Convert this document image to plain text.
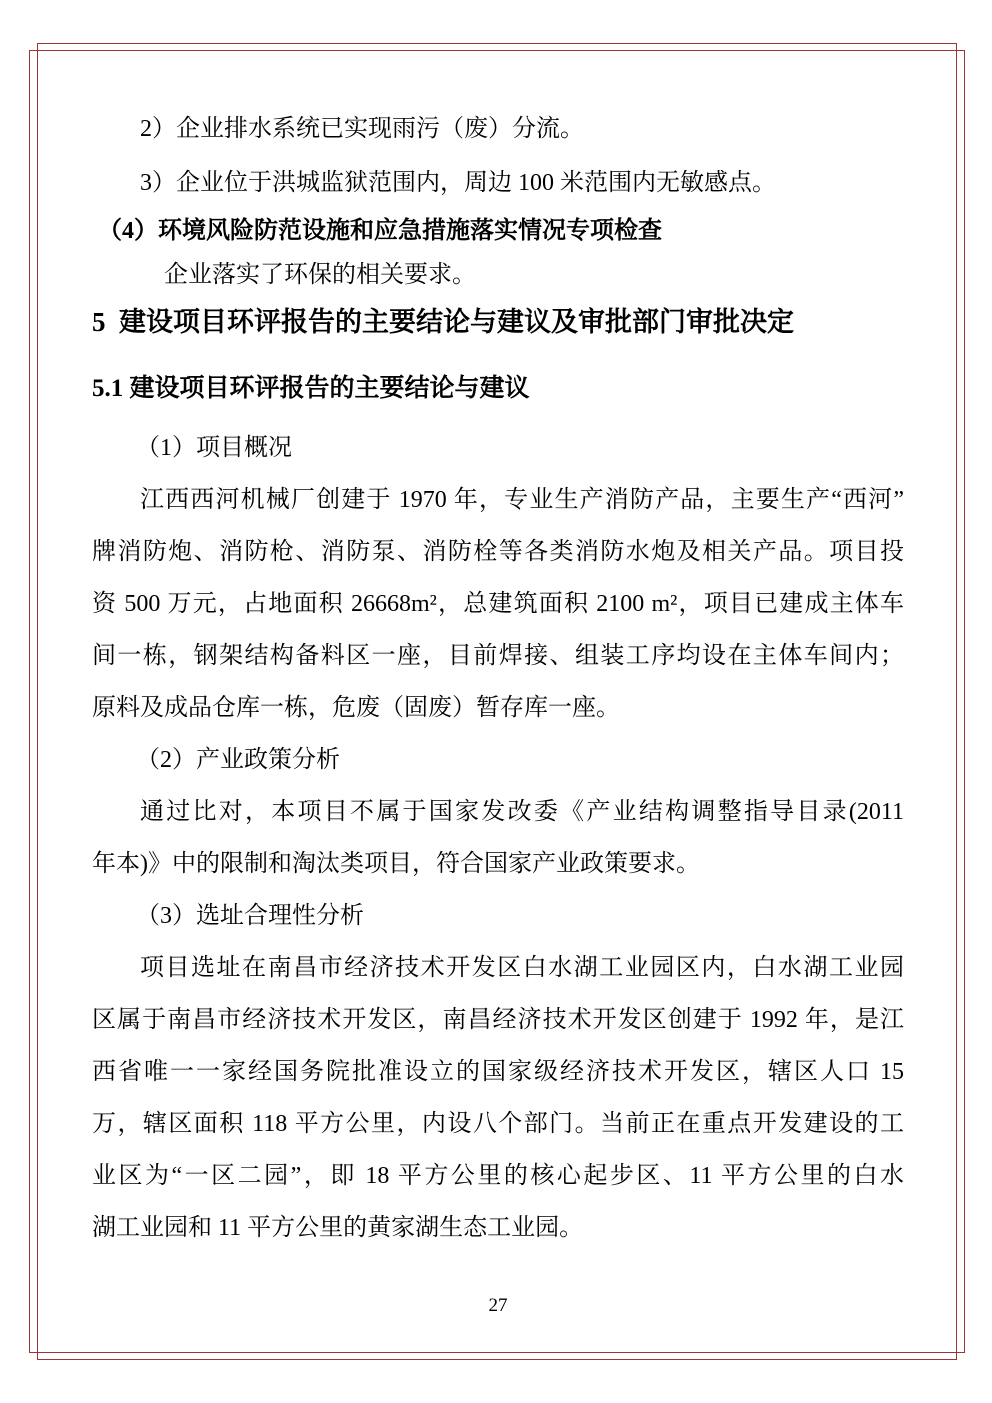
2）企业排水系统已实现雨污（废）分流。
3）企业位于洪城监狱范围内，周边 100 米范围内无敏感点。
（4）环境风险防范设施和应急措施落实情况专项检查
企业落实了环保的相关要求。
5  建设项目环评报告的主要结论与建议及审批部门审批决定
5.1 建设项目环评报告的主要结论与建议
（1）项目概况
江西西河机械厂创建于 1970 年，专业生产消防产品，主要生产“西河”
牌消防炮、消防枪、消防泵、消防栓等各类消防水炮及相关产品。项目投
资 500 万元，占地面积 26668m²，总建筑面积 2100 m²，项目已建成主体车
间一栋，钢架结构备料区一座，目前焊接、组装工序均设在主体车间内；
原料及成品仓库一栋，危废（固废）暂存库一座。
（2）产业政策分析
通过比对，本项目不属于国家发改委《产业结构调整指导目录(2011
年本)》中的限制和淘汰类项目，符合国家产业政策要求。
（3）选址合理性分析
项目选址在南昌市经济技术开发区白水湖工业园区内，白水湖工业园
区属于南昌市经济技术开发区，南昌经济技术开发区创建于 1992 年，是江
西省唯一一家经国务院批准设立的国家级经济技术开发区，辖区人口 15
万，辖区面积 118 平方公里，内设八个部门。当前正在重点开发建设的工
业区为“一区二园”，即 18 平方公里的核心起步区、11 平方公里的白水
湖工业园和 11 平方公里的黄家湖生态工业园。
27
